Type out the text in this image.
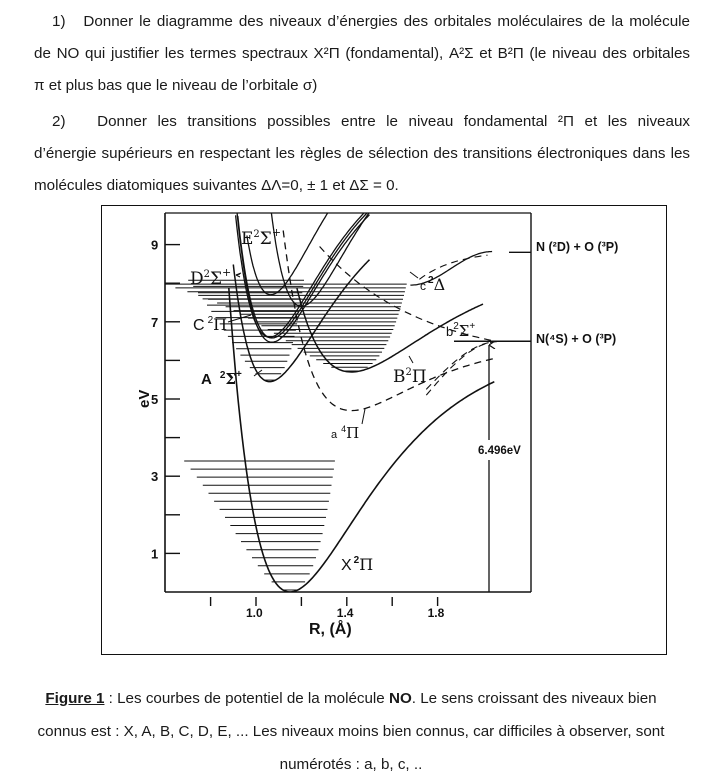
1) Donner le diagramme des niveaux d’énergies des orbitales moléculaires de la molécule
de NO qui justifier les termes spectraux X²Π (fondamental), A²Σ et B²Π (le niveau des orbitales
π et plus bas que le niveau de l’orbitale σ)
2) Donner les transitions possibles entre le niveau fondamental ²Π et les niveaux
d’énergie supérieurs en respectant les règles de sélection des transitions électroniques dans les
molécules diatomiques suivantes ΔΛ=0, ± 1 et ΔΣ = 0.
1
3
5
7
9
1.0	1.4	1.8
6.496eV
eV
R, (Å)
$E^2\Sigma^+$
$D^2\Sigma^+$
C $^2$Π
A $^2$Σ+	$B^2\Pi$
a $^4$Π
$b^2\Sigma^+$
c $^2$Δ
X $^2$Π
N (²D) + O (³P)
N(⁴S) + O (³P)
Figure 1 : Les courbes de potentiel de la molécule NO. Le sens croissant des niveaux bien
connus est : X, A, B, C, D, E, ... Les niveaux moins bien connus, car difficiles à observer, sont
numérotés : a, b, c, ..
